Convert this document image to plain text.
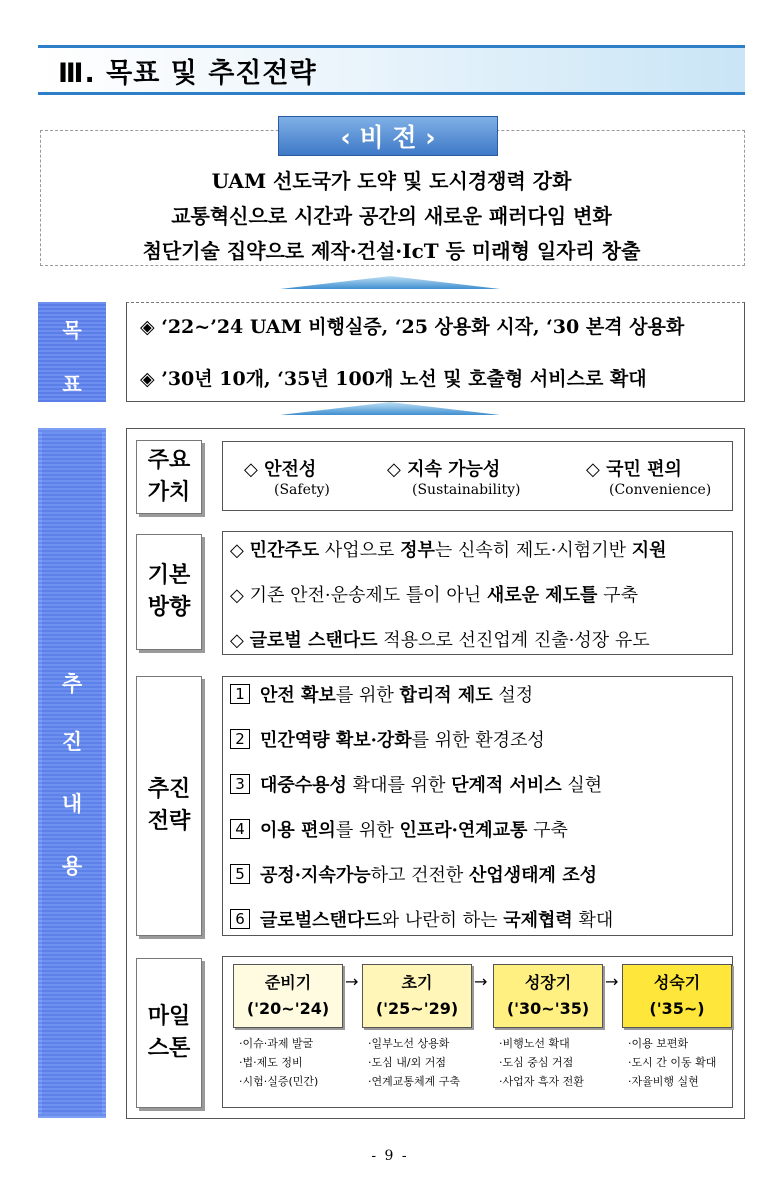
Ⅲ. 목표 및 추진전략
‹ 비 전 ›
UAM 선도국가 도약 및 도시경쟁력 강화
교통혁신으로 시간과 공간의 새로운 패러다임 변화
첨단기술 집약으로 제작·건설·IcT 등 미래형 일자리 창출
목
표
◈ ‘22~’24 UAM 비행실증, ‘25 상용화 시작, ‘30 본격 상용화
◈ ’30년 10개, ‘35년 100개 노선 및 호출형 서비스로 확대
추
진
내
용
주요
가치
◇ 안전성
(Safety)
◇ 지속 가능성
(Sustainability)
◇ 국민 편의
(Convenience)
기본
방향
◇ 민간주도 사업으로 정부는 신속히 제도·시험기반 지원
◇ 기존 안전·운송제도 틀이 아닌 새로운 제도틀 구축
◇ 글로벌 스탠다드 적용으로 선진업계 진출·성장 유도
추진
전략
1 안전 확보를 위한 합리적 제도 설정
2 민간역량 확보·강화를 위한 환경조성
3 대중수용성 확대를 위한 단계적 서비스 실현
4 이용 편의를 위한 인프라·연계교통 구축
5 공정·지속가능하고 건전한 산업생태계 조성
6 글로벌스탠다드와 나란히 하는 국제협력 확대
마일
스톤
준비기
('20~'24)
·이슈·과제 발굴
·법·제도 정비
·시험·실증(민간)
→	초기
('25~'29)
·일부노선 상용화
·도심 내/외 거점
·연계교통체계 구축
→ 성장기
('30~'35)
·비행노선 확대
·도심 중심 거점
·사업자 흑자 전환
→ 성숙기
('35~)
·이용 보편화
·도시 간 이동 확대
·자율비행 실현
- 9 -
